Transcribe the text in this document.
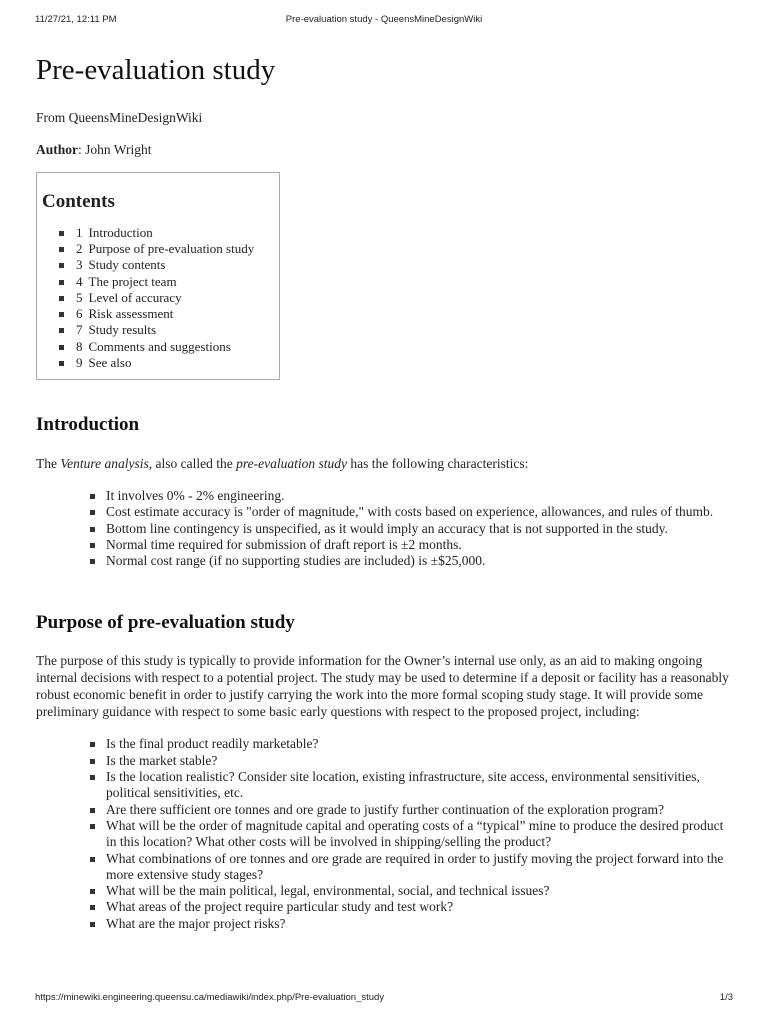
11/27/21, 12:11 PM	Pre-evaluation study - QueensMineDesignWiki
Pre-evaluation study

From QueensMineDesignWiki

Author: John Wright

Contents
1 Introduction
2 Purpose of pre-evaluation study
3 Study contents
4 The project team
5 Level of accuracy
6 Risk assessment
7 Study results
8 Comments and suggestions
9 See also
Introduction

The Venture analysis, also called the pre-evaluation study has the following characteristics:

It involves 0% - 2% engineering.
Cost estimate accuracy is "order of magnitude," with costs based on experience, allowances, and rules of thumb.
Bottom line contingency is unspecified, as it would imply an accuracy that is not supported in the study.
Normal time required for submission of draft report is ±2 months.
Normal cost range (if no supporting studies are included) is ±$25,000.
Purpose of pre-evaluation study

The purpose of this study is typically to provide information for the Owner’s internal use only, as an aid to making ongoing internal decisions with respect to a potential project. The study may be used to determine if a deposit or facility has a reasonably robust economic benefit in order to justify carrying the work into the more formal scoping study stage. It will provide some preliminary guidance with respect to some basic early questions with respect to the proposed project, including:

Is the final product readily marketable?
Is the market stable?
Is the location realistic? Consider site location, existing infrastructure, site access, environmental sensitivities, political sensitivities, etc.
Are there sufficient ore tonnes and ore grade to justify further continuation of the exploration program?
What will be the order of magnitude capital and operating costs of a “typical” mine to produce the desired product in this location? What other costs will be involved in shipping/selling the product?
What combinations of ore tonnes and ore grade are required in order to justify moving the project forward into the more extensive study stages?
What will be the main political, legal, environmental, social, and technical issues?
What areas of the project require particular study and test work?
What are the major project risks?
https://minewiki.engineering.queensu.ca/mediawiki/index.php/Pre-evaluation_study	1/3
